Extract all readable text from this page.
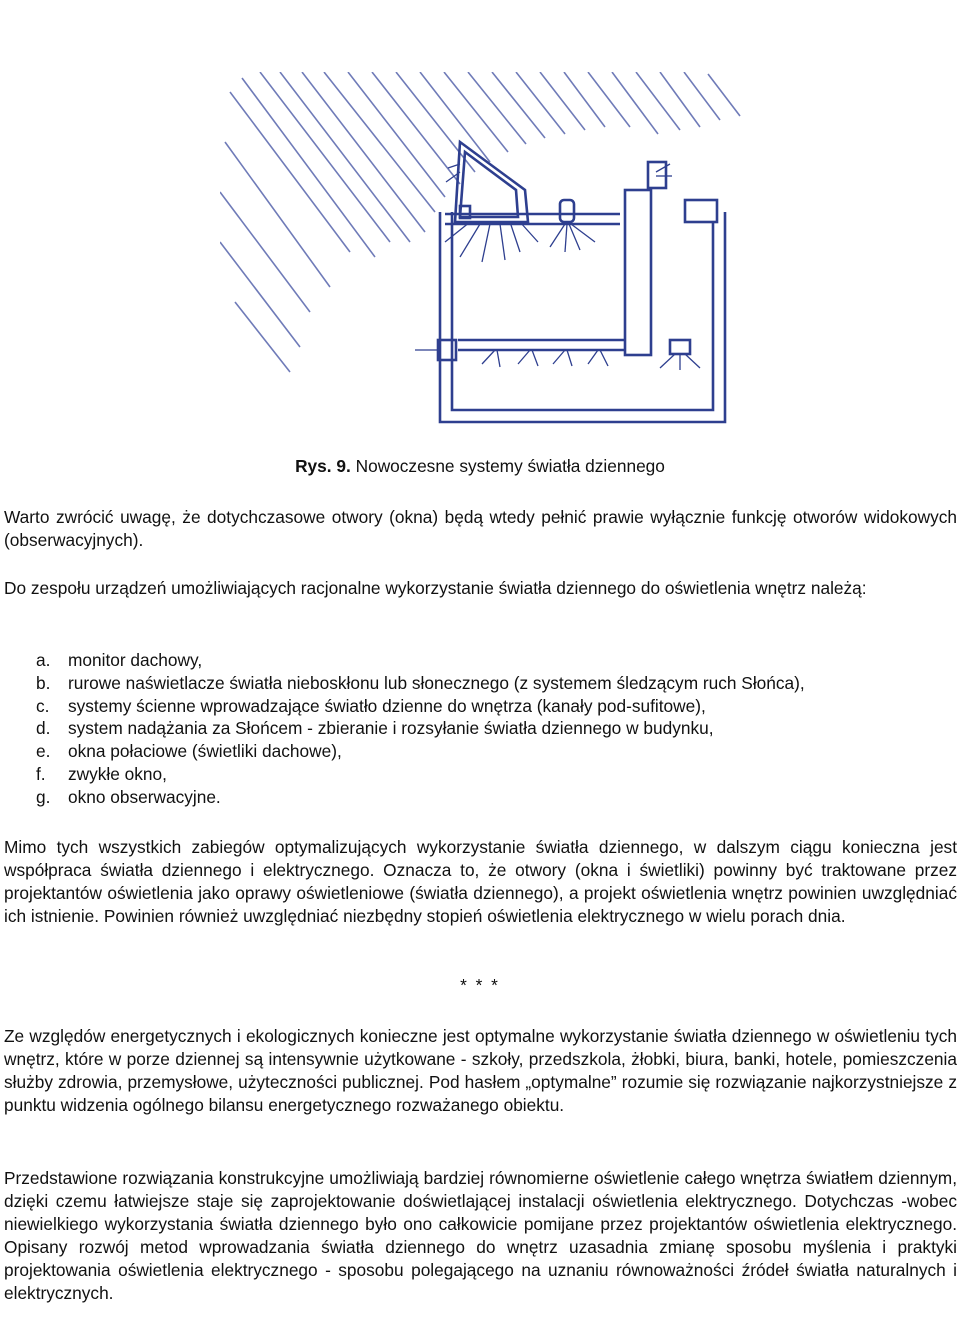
Rys. 9. Nowoczesne systemy światła dziennego

Warto zwrócić uwagę, że dotychczasowe otwory (okna) będą wtedy pełnić prawie wyłącznie funkcję otworów widokowych (obserwacyjnych).

Do zespołu urządzeń umożliwiających racjonalne wykorzystanie światła dziennego do oświetlenia wnętrz należą:

a. monitor dachowy,
b. rurowe naświetlacze światła nieboskłonu lub słonecznego (z systemem śledzącym ruch Słońca),
c. systemy ścienne wprowadzające światło dzienne do wnętrza (kanały pod-sufitowe),
d. system nadążania za Słońcem - zbieranie i rozsyłanie światła dziennego w budynku,
e. okna połaciowe (świetliki dachowe),
f. zwykłe okno,
g. okno obserwacyjne.

Mimo tych wszystkich zabiegów optymalizujących wykorzystanie światła dziennego, w dalszym ciągu konieczna jest współpraca światła dziennego i elektrycznego. Oznacza to, że otwory (okna i świetliki) powinny być traktowane przez projektantów oświetlenia jako oprawy oświetleniowe (światła dziennego), a projekt oświetlenia wnętrz powinien uwzględniać ich istnienie. Powinien również uwzględniać niezbędny stopień oświetlenia elektrycznego w wielu porach dnia.

* * *

Ze względów energetycznych i ekologicznych konieczne jest optymalne wykorzystanie światła dziennego w oświetleniu tych wnętrz, które w porze dziennej są intensywnie użytkowane - szkoły, przedszkola, żłobki, biura, banki, hotele, pomieszczenia służby zdrowia, przemysłowe, użyteczności publicznej. Pod hasłem „optymalne” rozumie się rozwiązanie najkorzystniejsze z punktu widzenia ogólnego bilansu energetycznego rozważanego obiektu.

Przedstawione rozwiązania konstrukcyjne umożliwiają bardziej równomierne oświetlenie całego wnętrza światłem dziennym, dzięki czemu łatwiejsze staje się zaprojektowanie doświetlającej instalacji oświetlenia elektrycznego. Dotychczas -wobec niewielkiego wykorzystania światła dziennego było ono całkowicie pomijane przez projektantów oświetlenia elektrycznego. Opisany rozwój metod wprowadzania światła dziennego do wnętrz uzasadnia zmianę sposobu myślenia i praktyki projektowania oświetlenia elektrycznego - sposobu polegającego na uznaniu równoważności źródeł światła naturalnych i elektrycznych.
